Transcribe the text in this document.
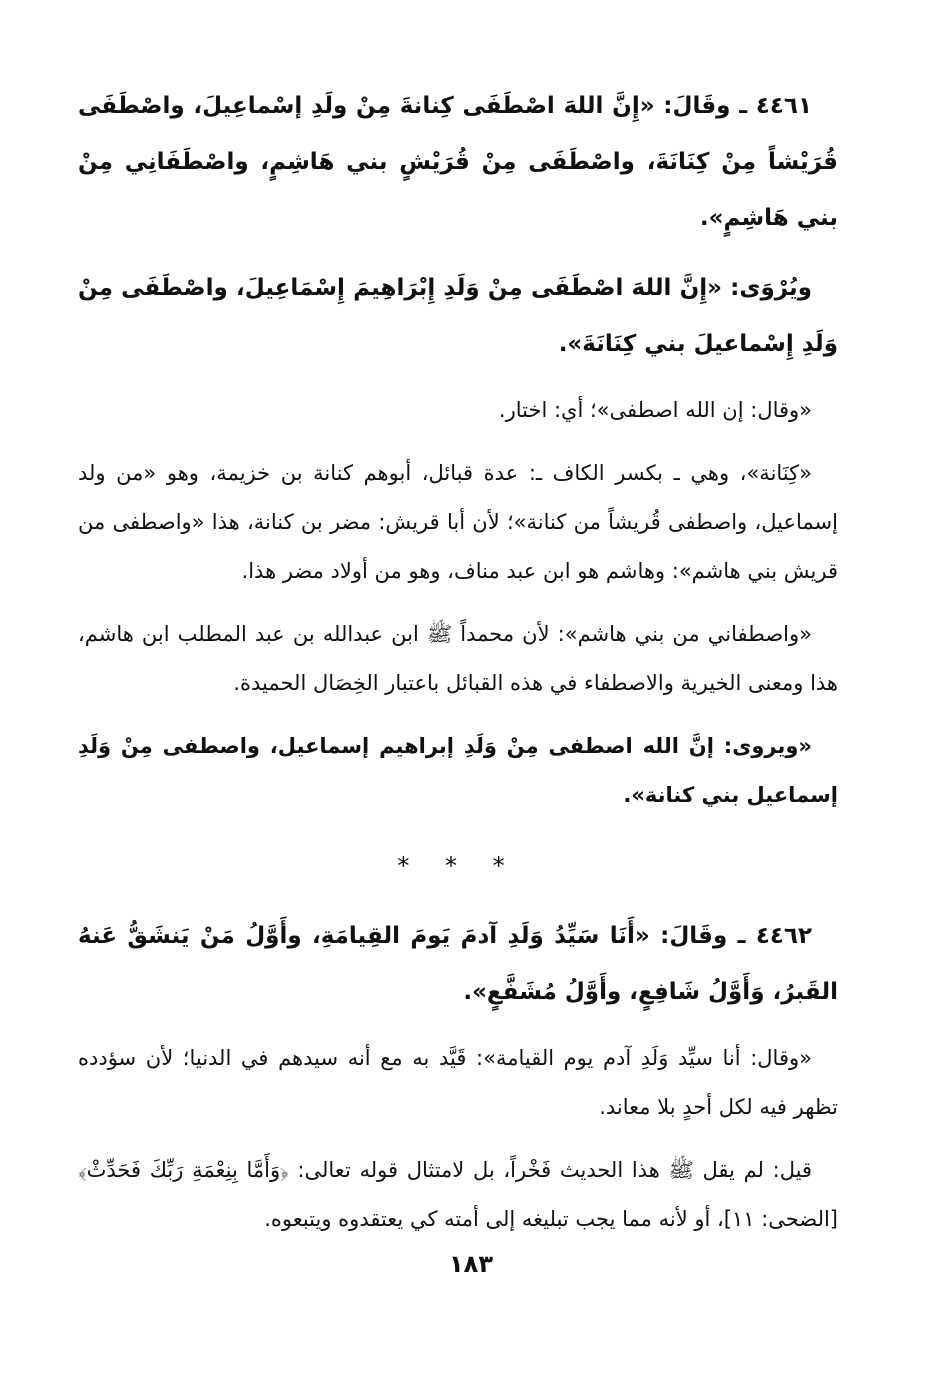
٤٤٦١ ـ وقَالَ: «إِنَّ اللهَ اصْطَفَى كِنانةَ مِنْ ولَدِ إسْماعِيلَ، واصْطَفَى قُرَيْشاً مِنْ كِنَانَةَ، واصْطَفَى مِنْ قُرَيْشٍ بني هَاشِمٍ، واصْطَفَانِي مِنْ بني هَاشِمٍ».

ويُرْوَى: «إِنَّ اللهَ اصْطَفَى مِنْ وَلَدِ إِبْرَاهِيمَ إِسْمَاعِيلَ، واصْطَفَى مِنْ وَلَدِ إِسْماعيلَ بني كِنَانَةَ».

«وقال: إن الله اصطفى»؛ أي: اختار.

«كِنَانة»، وهي ـ بكسر الكاف ـ: عدة قبائل، أبوهم كنانة بن خزيمة، وهو «من ولد إسماعيل، واصطفى قُريشاً من كنانة»؛ لأن أبا قريش: مضر بن كنانة، هذا «واصطفى من قريش بني هاشم»: وهاشم هو ابن عبد مناف، وهو من أولاد مضر هذا.

«واصطفاني من بني هاشم»: لأن محمداً ﷺ ابن عبدالله بن عبد المطلب ابن هاشم، هذا ومعنى الخيرية والاصطفاء في هذه القبائل باعتبار الخِصَال الحميدة.

«ويروى: إنَّ الله اصطفى مِنْ وَلَدِ إبراهيم إسماعيل، واصطفى مِنْ وَلَدِ إسماعيل بني كنانة».

* * *

٤٤٦٢ ـ وقَالَ: «أَنَا سَيِّدُ وَلَدِ آدمَ يَومَ القِيامَةِ، وأَوَّلُ مَنْ يَنشَقُّ عَنهُ القَبرُ، وَأَوَّلُ شَافِعٍ، وأَوَّلُ مُشَفَّعٍ».

«وقال: أنا سيِّد وَلَدِ آدم يوم القيامة»: قَيَّد به مع أنه سيدهم في الدنيا؛ لأن سؤدده تظهر فيه لكل أحدٍ بلا معاند.

قيل: لم يقل ﷺ هذا الحديث فَخْراً، بل لامتثال قوله تعالى: ﴿وَأَمَّا بِنِعْمَةِ رَبِّكَ فَحَدِّثْ﴾[الضحى: ١١]، أو لأنه مما يجب تبليغه إلى أمته كي يعتقدوه ويتبعوه.

١٨٣
